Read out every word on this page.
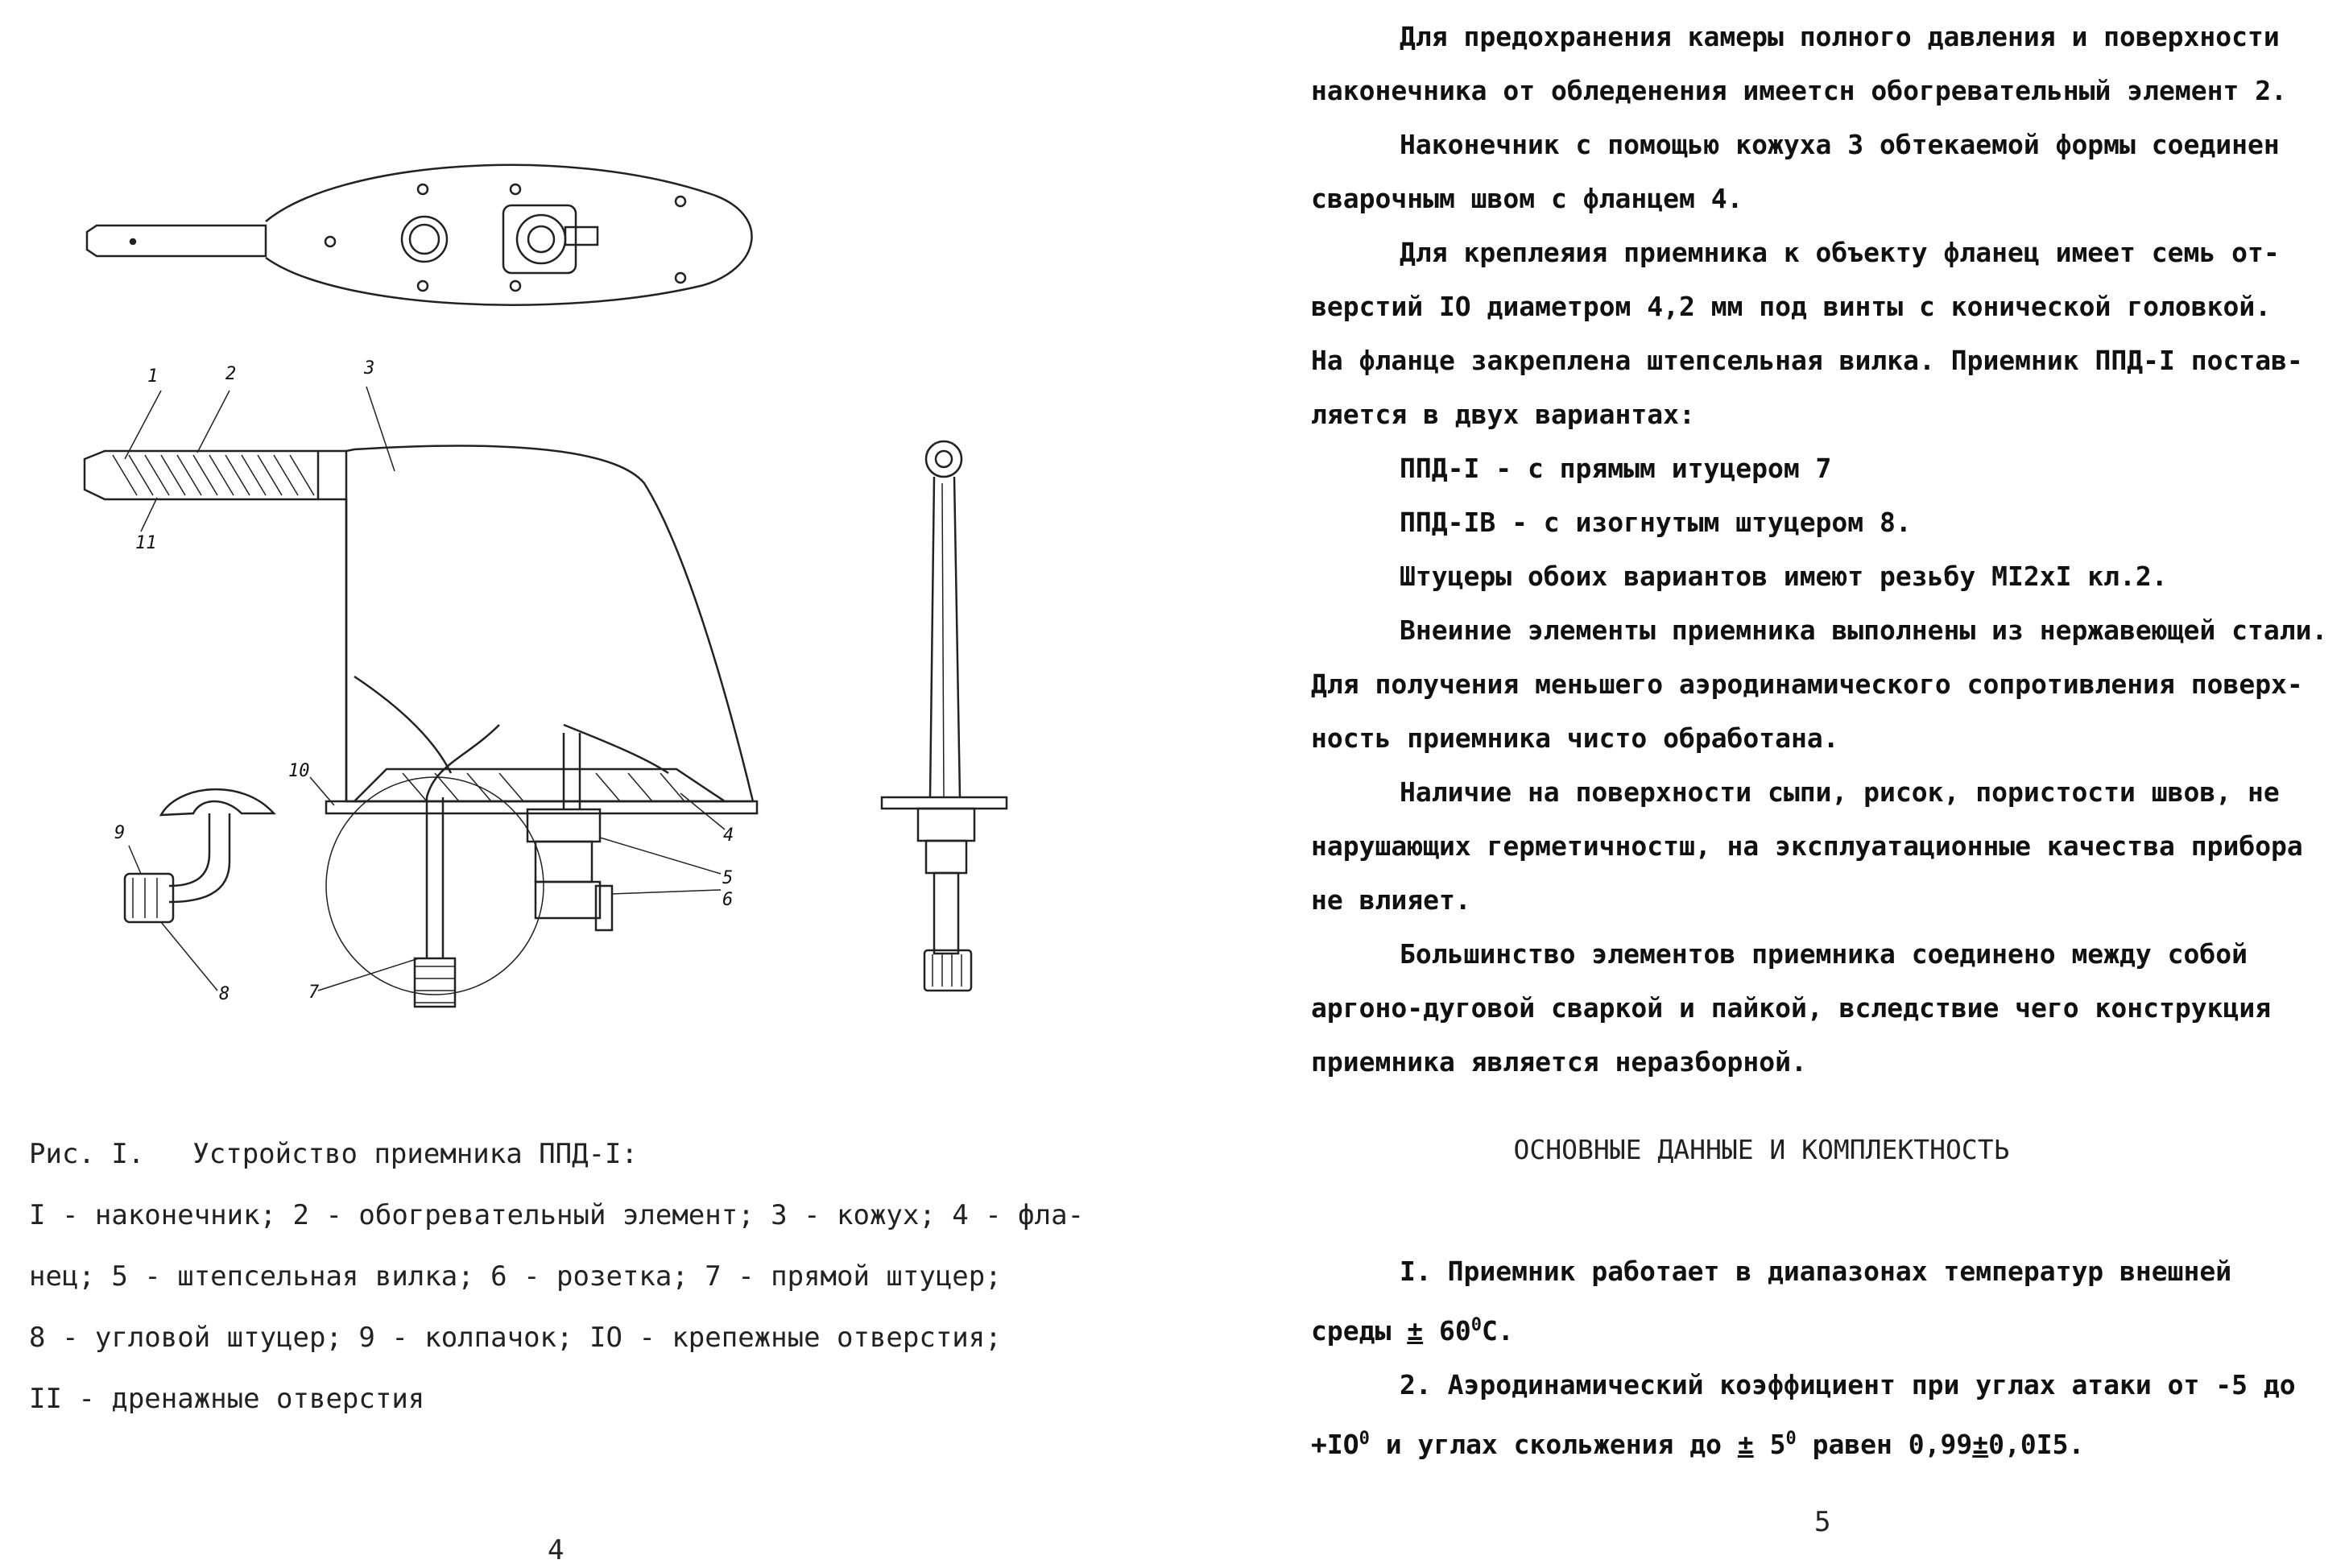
1	2	3
4
5
6
7
8
9
10
11
Рис. I. Устройство приемника ППД-I:
I - наконечник; 2 - обогревательный элемент; 3 - кожух; 4 - фла-
нец; 5 - штепсельная вилка; 6 - розетка; 7 - прямой штуцер;
8 - угловой штуцер; 9 - колпачок; IO - крепежные отверстия;
II - дренажные отверстия
4

Для предохранения камеры полного давления и поверхности

наконечника от обледенения имеетсн обогревательный элемент 2.

Наконечник с помощью кожуха 3 обтекаемой формы соединен

сварочным швом с фланцем 4.

Для креплеяия приемника к объекту фланец имеет семь от-

верстий IO диаметром 4,2 мм под винты с конической головкой.

На фланце закреплена штепсельная вилка. Приемник ППД-I постав-

ляется в двух вариантах:

ППД-I - с прямым итуцером 7

ППД-IВ - с изогнутым штуцером 8.

Штуцеры обоих вариантов имеют резьбу МI2хI кл.2.

Внеиние элементы приемника выполнены из нержавеющей стали.

Для получения меньшего аэродинамического сопротивления поверх-

ность приемника чисто обработана.

Наличие на поверхности сыпи, рисок, пористости швов, не

нарушающих герметичностш, на эксплуатационные качества прибора

не влияет.

Большинство элементов приемника соединено между собой

аргоно-дуговой сваркой и пайкой, вследствие чего конструкция

приемника является неразборной.

ОСНОВНЫЕ ДАННЫЕ И КОМПЛЕКТНОСТЬ

I. Приемник работает в диапазонах температур внешней

среды ± $60^0С$.

2. Аэродинамический коэффициент при углах атаки от -5 до

$+IO^0$ и углах скольжения до ± $5^0$ равен 0,99±0,0I5.

5
